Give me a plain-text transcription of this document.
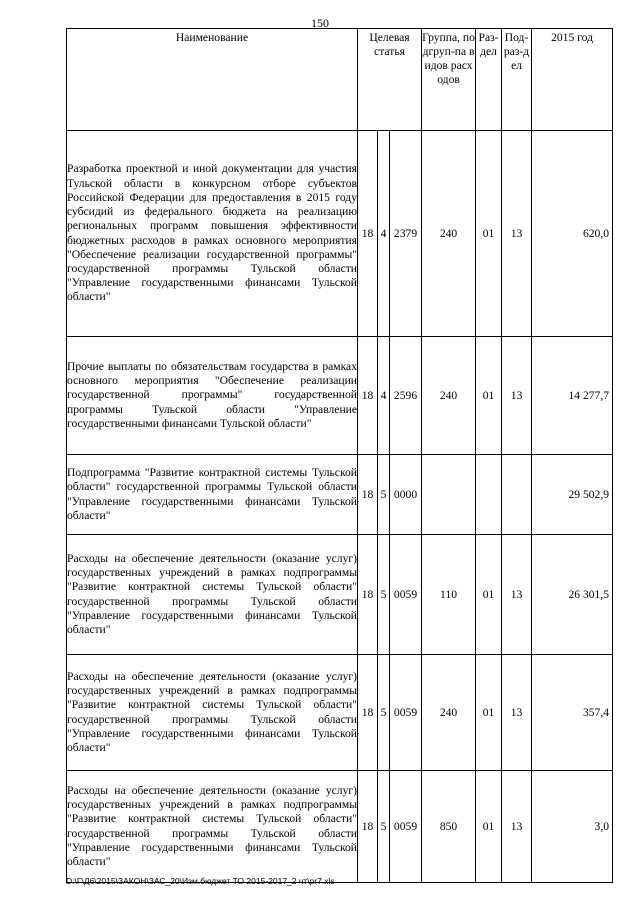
150
Наименование	Целевая статья			Группа, подгруп-па видов расходов	Раз-дел	Под-раз-дел	2015 год
Разработка проектной и иной документации для участия Тульской области в конкурсном отборе субъектов Российской Федерации для предоставления в 2015 году субсидий из федерального бюджета на реализацию региональных программ повышения эффективности бюджетных расходов в рамках основного мероприятия "Обеспечение реализации государственной программы" государственной программы Тульской области "Управление государственными финансами Тульской области"	18	4	2379	240	01	13	620,0
Прочие выплаты по обязательствам государства в рамках основного мероприятия "Обеспечение реализации государственной программы" государственной программы Тульской области "Управление государственными финансами Тульской области"	18	4	2596	240	01	13	14 277,7
Подпрограмма "Развитие контрактной системы Тульской области" государственной программы Тульской области "Управление государственными финансами Тульской области"	18	5	0000				29 502,9
Расходы на обеспечение деятельности (оказание услуг) государственных учреждений в рамках подпрограммы "Развитие контрактной системы Тульской области" государственной программы Тульской области "Управление государственными финансами Тульской области"	18	5	0059	110	01	13	26 301,5
Расходы на обеспечение деятельности (оказание услуг) государственных учреждений в рамках подпрограммы "Развитие контрактной системы Тульской области" государственной программы Тульской области "Управление государственными финансами Тульской области"	18	5	0059	240	01	13	357,4
Расходы на обеспечение деятельности (оказание услуг) государственных учреждений в рамках подпрограммы "Развитие контрактной системы Тульской области" государственной программы Тульской области "Управление государственными финансами Тульской области"	18	5	0059	850	01	13	3,0
D:\Г\Д6\2015\ЗАКОН\ЗАС_20\Изм.бюджет ТО 2015-2017_2 чт\pr7.xls
